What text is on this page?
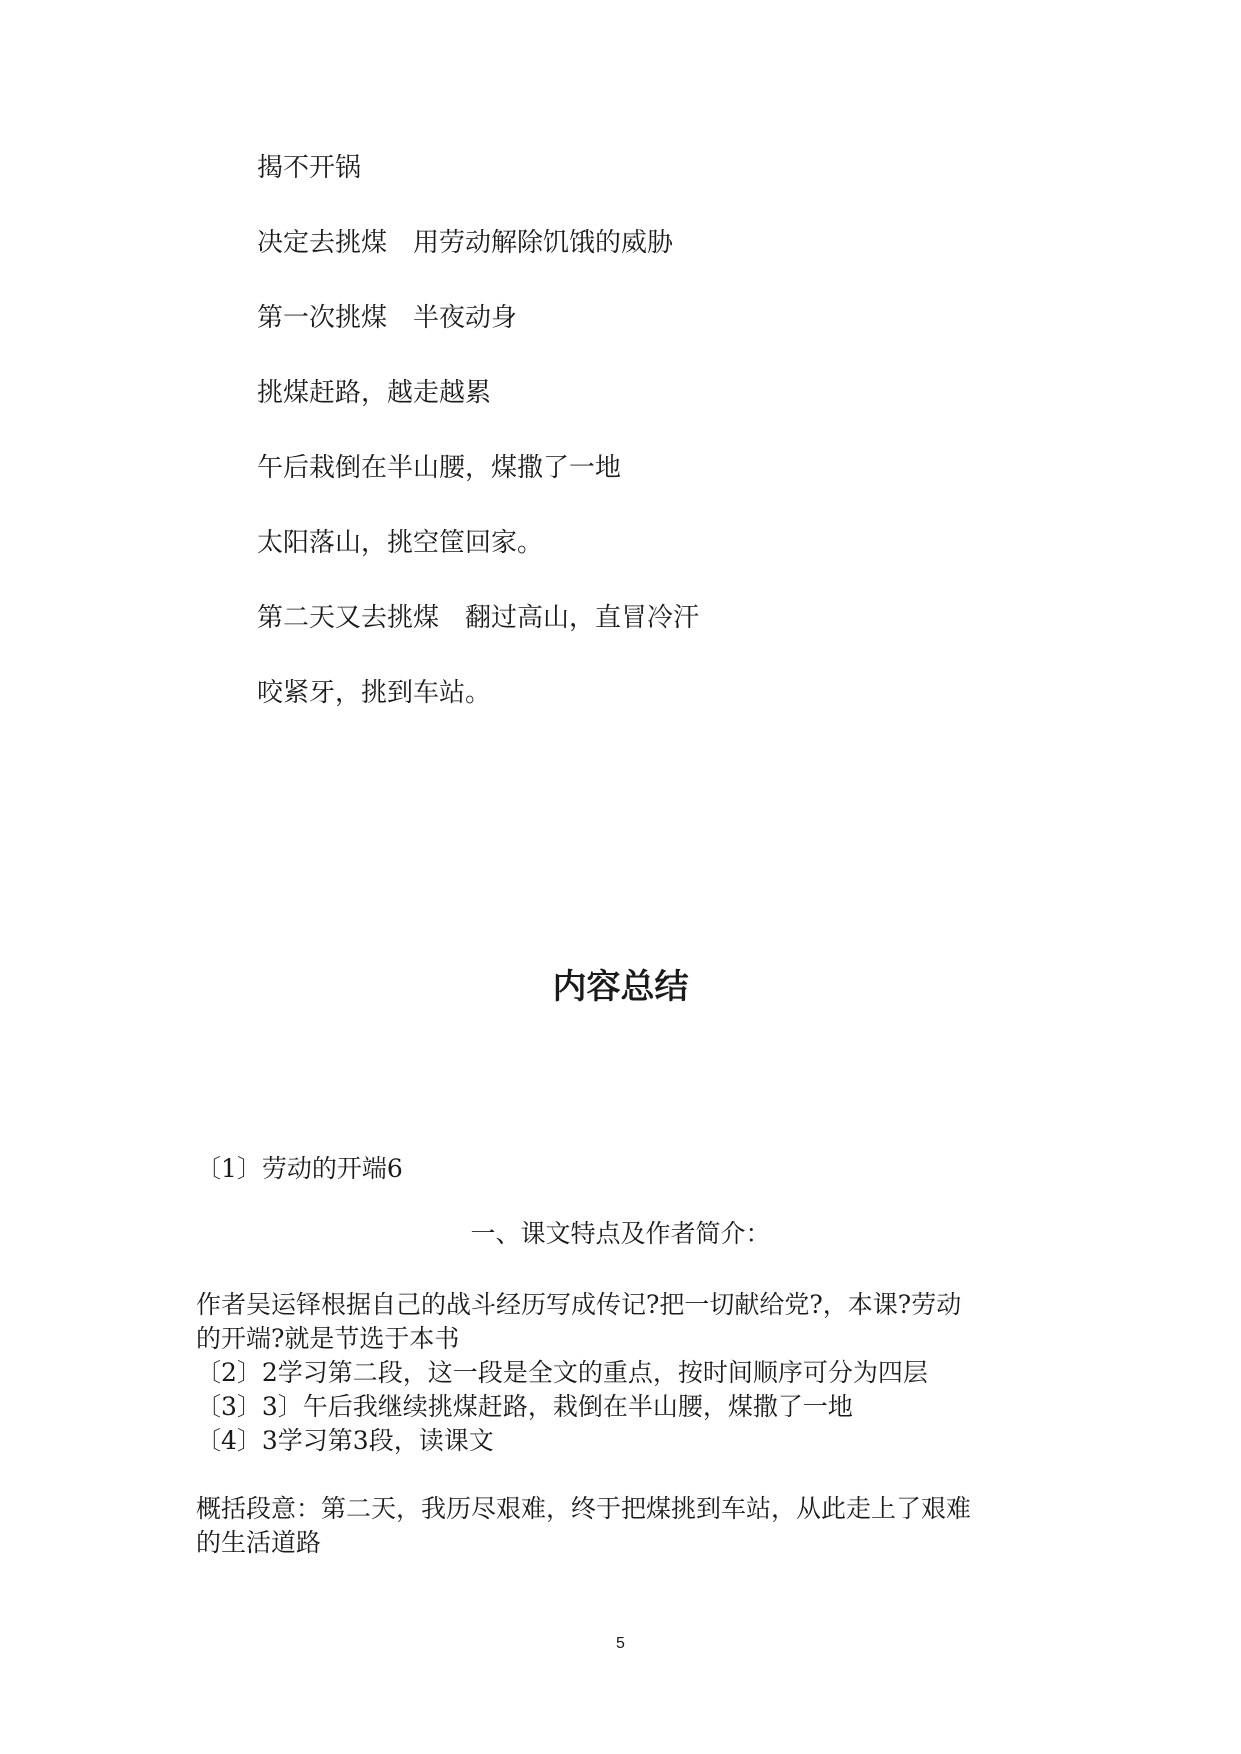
揭不开锅
决定去挑煤　用劳动解除饥饿的威胁
第一次挑煤　半夜动身
挑煤赶路，越走越累
午后栽倒在半山腰，煤撒了一地
太阳落山，挑空筐回家。
第二天又去挑煤　翻过高山，直冒冷汗
咬紧牙，挑到车站。
内容总结

〔1〕劳动的开端6

一、课文特点及作者简介：

作者吴运铎根据自己的战斗经历写成传记?把一切献给党?，本课?劳动

的开端?就是节选于本书

〔2〕2学习第二段，这一段是全文的重点，按时间顺序可分为四层

〔3〕3〕午后我继续挑煤赶路，栽倒在半山腰，煤撒了一地

〔4〕3学习第3段，读课文

概括段意：第二天，我历尽艰难，终于把煤挑到车站，从此走上了艰难

的生活道路

5
